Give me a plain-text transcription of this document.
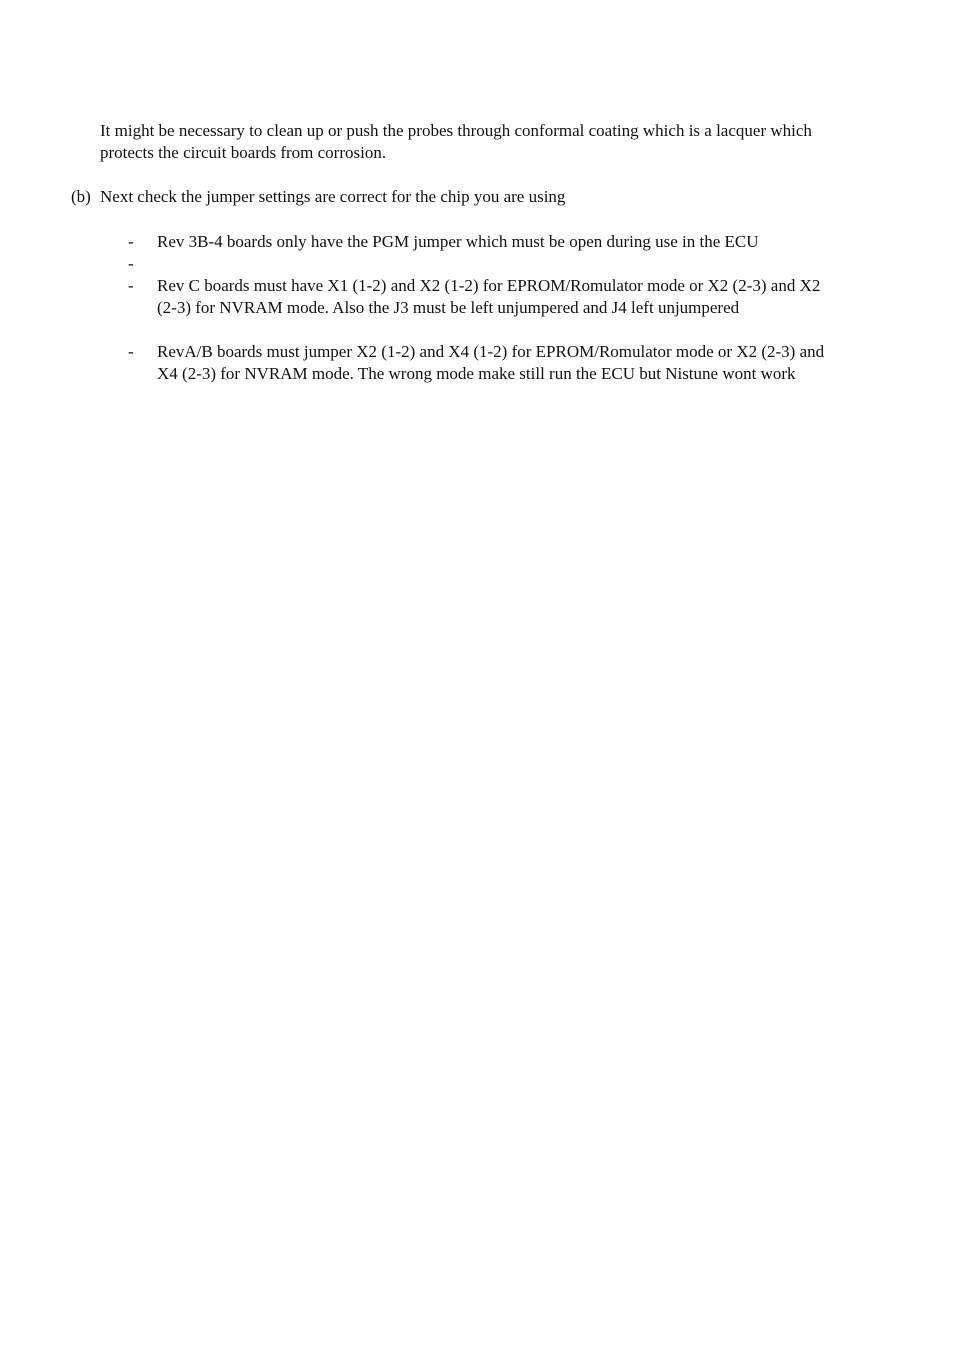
It might be necessary to clean up or push the probes through conformal coating which is a lacquer which
protects the circuit boards from corrosion.

(b) Next check the jumper settings are correct for the chip you are using

- Rev 3B-4 boards only have the PGM jumper which must be open during use in the ECU

-

- Rev C boards must have X1 (1-2) and X2 (1-2) for EPROM/Romulator mode or X2 (2-3) and X2
(2-3) for NVRAM mode. Also the J3 must be left unjumpered and J4 left unjumpered

- RevA/B boards must jumper X2 (1-2) and X4 (1-2) for EPROM/Romulator mode or X2 (2-3) and
X4 (2-3) for NVRAM mode. The wrong mode make still run the ECU but Nistune wont work
